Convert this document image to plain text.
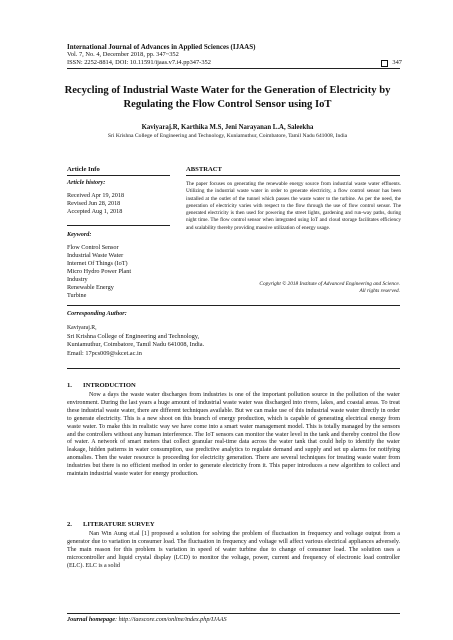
International Journal of Advances in Applied Sciences (IJAAS)
Vol. 7, No. 4, December 2018, pp. 347~352
ISSN: 2252-8814, DOI: 10.11591/ijaas.v7.i4.pp347-352	347
Recycling of Industrial Waste Water for the Generation of Electricity by Regulating the Flow Control Sensor using IoT
Kaviyaraj.R, Karthika M.S, Jeni Narayanan L.A, Saleekha
Sri Krishna College of Engineering and Technology, Kuniamuthur, Coimbatore, Tamil Nadu 641008, India
Article Info
Article history:
Received Apr 19, 2018
Revised Jun 28, 2018
Accepted Aug 1, 2018
Keyword:
Flow Control Sensor
Industrial Waste Water
Internet Of Things (IoT)
Micro Hydro Power Plant
Industry
Renewable Energy
Turbine
ABSTRACT
The paper focuses on generating the renewable energy source from industrial waste water effluents. Utilizing the industrial waste water in order to generate electricity, a flow control sensor has been installed at the outlet of the tunnel which passes the waste water to the turbine. As per the need, the generation of electricity varies with respect to the flow through the use of flow control sensor. The generated electricity is then used for powering the street lights, gardening and run-way paths, during night time. The flow control sensor when integrated using IoT and cloud storage facilitates efficiency and scalability thereby providing massive utilization of energy usage.
Copyright © 2018 Institute of Advanced Engineering and Science.
All rights reserved.
Corresponding Author:
Kaviyaraj.R,
Sri Krishna College of Engineering and Technology,
Kuniamuthur, Coimbatore, Tamil Nadu 641008, India.
Email: 17pcs009@skcet.ac.in
1. INTRODUCTION
Now a days the waste water discharges from industries is one of the important pollution source in the pollution of the water environment. During the last years a huge amount of industrial waste water was discharged into rivers, lakes, and coastal areas. To treat these industrial waste water, there are different techniques available. But we can make use of this industrial waste water directly in order to generate electricity. This is a new shoot on this branch of energy production, which is capable of generating electrical energy from waste water. To make this in realistic way we have come into a smart water management model. This is totally managed by the sensors and the controllers without any human interference. The IoT sensors can monitor the water level in the tank and thereby control the flow of water. A network of smart meters that collect granular real-time data across the water tank that could help to identify the water leakage, hidden patterns in water consumption, use predictive analytics to regulate demand and supply and set up alarms for notifying anomalies. Then the water resource is proceeding for electricity generation. There are several techniques for treating waste water from industries but there is no efficient method in order to generate electricity from it. This paper introduces a new algorithm to collect and maintain industrial waste water for energy production.
2. LITERATURE SURVEY
Nan Win Aung et.al [1] proposed a solution for solving the problem of fluctuation in frequency and voltage output from a generator due to variation in consumer load. The fluctuation in frequency and voltage will affect various electrical appliances adversely. The main reason for this problem is variation in speed of water turbine due to change of consumer load. The solution uses a microcontroller and liquid crystal display (LCD) to monitor the voltage, power, current and frequency of electronic load controller (ELC). ELC is a solid
Journal homepage: http://iaescore.com/online/index.php/IJAAS
